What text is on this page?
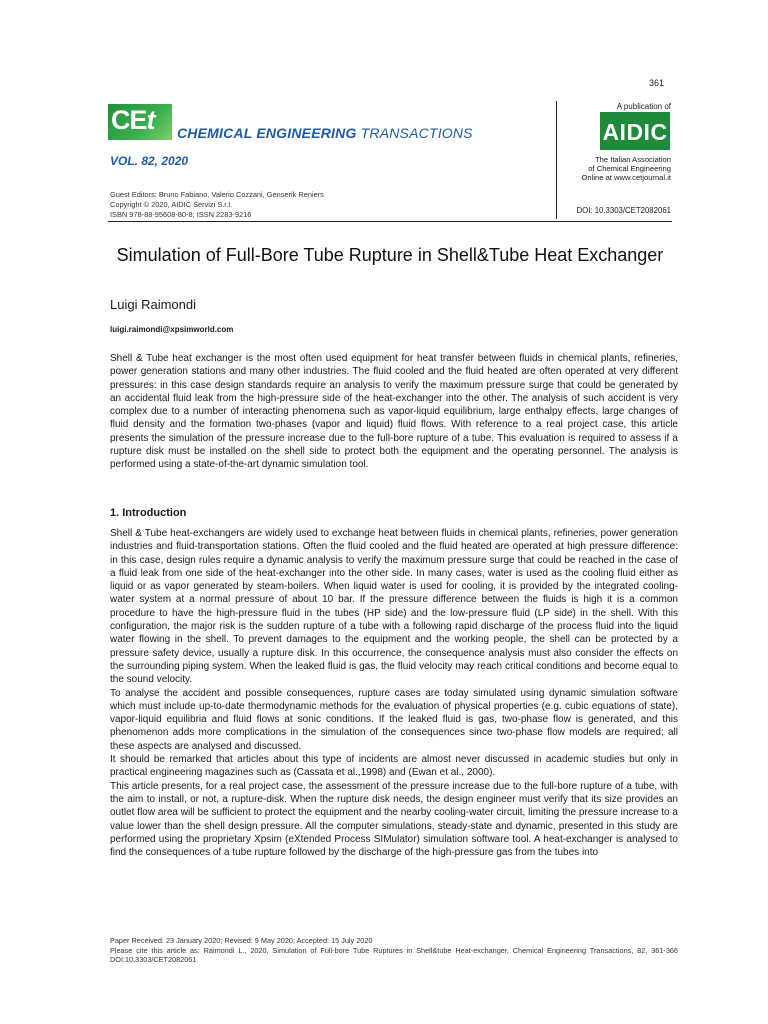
361
CEt CHEMICAL ENGINEERING TRANSACTIONS
VOL. 82, 2020
Guest Editors: Bruno Fabiano, Valerio Cozzani, Genserik Reniers
Copyright © 2020, AIDIC Servizi S.r.l.
ISBN 978-88-95608-80-8; ISSN 2283-9216
A publication of
AIDIC
The Italian Association
of Chemical Engineering
Online at www.cetjournal.it
DOI: 10.3303/CET2082061
Simulation of Full-Bore Tube Rupture in Shell&Tube Heat Exchanger
Luigi Raimondi
luigi.raimondi@xpsimworld.com

Shell & Tube heat exchanger is the most often used equipment for heat transfer between fluids in chemical plants, refineries, power generation stations and many other industries. The fluid cooled and the fluid heated are often operated at very different pressures: in this case design standards require an analysis to verify the maximum pressure surge that could be generated by an accidental fluid leak from the high-pressure side of the heat-exchanger into the other. The analysis of such accident is very complex due to a number of interacting phenomena such as vapor-liquid equilibrium, large enthalpy effects, large changes of fluid density and the formation two-phases (vapor and liquid) fluid flows. With reference to a real project case, this article presents the simulation of the pressure increase due to the full-bore rupture of a tube. This evaluation is required to assess if a rupture disk must be installed on the shell side to protect both the equipment and the operating personnel. The analysis is performed using a state-of-the-art dynamic simulation tool.

1. Introduction

Shell & Tube heat-exchangers are widely used to exchange heat between fluids in chemical plants, refineries, power generation industries and fluid-transportation stations. Often the fluid cooled and the fluid heated are operated at high pressure difference: in this case, design rules require a dynamic analysis to verify the maximum pressure surge that could be reached in the case of a fluid leak from one side of the heat-exchanger into the other side. In many cases, water is used as the cooling fluid either as liquid or as vapor generated by steam-boilers. When liquid water is used for cooling, it is provided by the integrated cooling-water system at a normal pressure of about 10 bar. If the pressure difference between the fluids is high it is a common procedure to have the high-pressure fluid in the tubes (HP side) and the low-pressure fluid (LP side) in the shell. With this configuration, the major risk is the sudden rupture of a tube with a following rapid discharge of the process fluid into the liquid water flowing in the shell. To prevent damages to the equipment and the working people, the shell can be protected by a pressure safety device, usually a rupture disk. In this occurrence, the consequence analysis must also consider the effects on the surrounding piping system. When the leaked fluid is gas, the fluid velocity may reach critical conditions and become equal to the sound velocity.

To analyse the accident and possible consequences, rupture cases are today simulated using dynamic simulation software which must include up-to-date thermodynamic methods for the evaluation of physical properties (e.g. cubic equations of state), vapor-liquid equilibria and fluid flows at sonic conditions. If the leaked fluid is gas, two-phase flow is generated, and this phenomenon adds more complications in the simulation of the consequences since two-phase flow models are required; all these aspects are analysed and discussed.

It should be remarked that articles about this type of incidents are almost never discussed in academic studies but only in practical engineering magazines such as (Cassata et al.,1998) and (Ewan et al., 2000).

This article presents, for a real project case, the assessment of the pressure increase due to the full-bore rupture of a tube, with the aim to install, or not, a rupture-disk. When the rupture disk needs, the design engineer must verify that its size provides an outlet flow area will be sufficient to protect the equipment and the nearby cooling-water circuit, limiting the pressure increase to a value lower than the shell design pressure. All the computer simulations, steady-state and dynamic, presented in this study are performed using the proprietary Xpsim (eXtended Process SIMulator) simulation software tool. A heat-exchanger is analysed to find the consequences of a tube rupture followed by the discharge of the high-pressure gas from the tubes into

Paper Received: 23 January 2020; Revised: 9 May 2020; Accepted: 15 July 2020
Please cite this article as: Raimondi L., 2020, Simulation of Full-bore Tube Ruptures in Shell&tube Heat-exchanger, Chemical Engineering Transactions, 82, 361-366 DOI:10.3303/CET2082061
